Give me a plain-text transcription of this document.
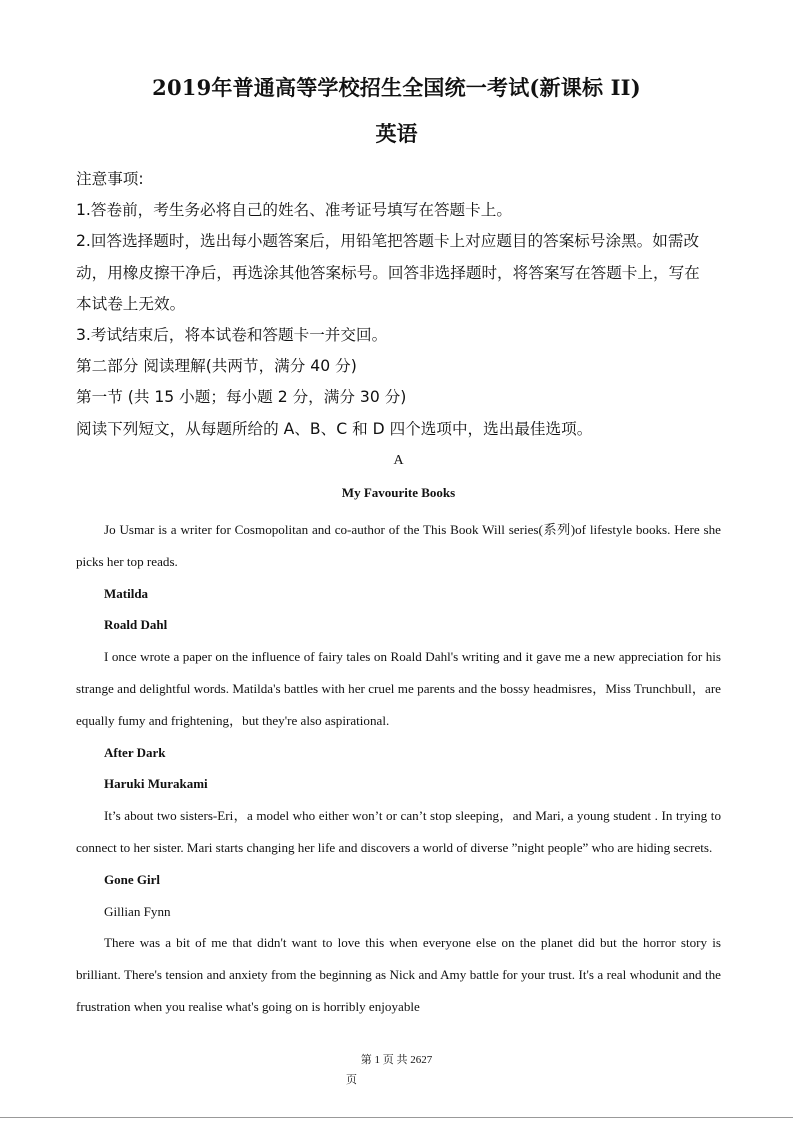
2019年普通高等学校招生全国统一考试(新课标 II)
英语
注意事项:
1.答卷前，考生务必将自己的姓名、准考证号填写在答题卡上。
2.回答选择题时，选出每小题答案后，用铅笔把答题卡上对应题目的答案标号涂黑。如需改
动，用橡皮擦干净后，再选涂其他答案标号。回答非选择题时，将答案写在答题卡上，写在
本试卷上无效。
3.考试结束后，将本试卷和答题卡一并交回。
第二部分 阅读理解(共两节，满分 40 分)
第一节 (共 15 小题；每小题 2 分，满分 30 分)
阅读下列短文，从每题所给的 A、B、C 和 D 四个选项中，选出最佳选项。
A
My Favourite Books

Jo Usmar is a writer for Cosmopolitan and co-author of the This Book Will series(系列)of lifestyle books. Here she picks her top reads.

Matilda

Roald Dahl

I once wrote a paper on the influence of fairy tales on Roald Dahl's writing and it gave me a new appreciation for his strange and delightful words. Matilda's battles with her cruel me parents and the bossy headmisres，Miss Trunchbull，are equally fumy and frightening，but they're also aspirational.

After Dark

Haruki Murakami

It’s about two sisters-Eri，a model who either won’t or can’t stop sleeping，and Mari, a young student . In trying to connect to her sister. Mari starts changing her life and discovers a world of diverse ”night people” who are hiding secrets.

Gone Girl

Gillian Fynn

There was a bit of me that didn't want to love this when everyone else on the planet did but the horror story is brilliant. There's tension and anxiety from the beginning as Nick and Amy battle for your trust. It's a real whodunit and the frustration when you realise what's going on is horribly enjoyable

第 1 页 共 2627
页
